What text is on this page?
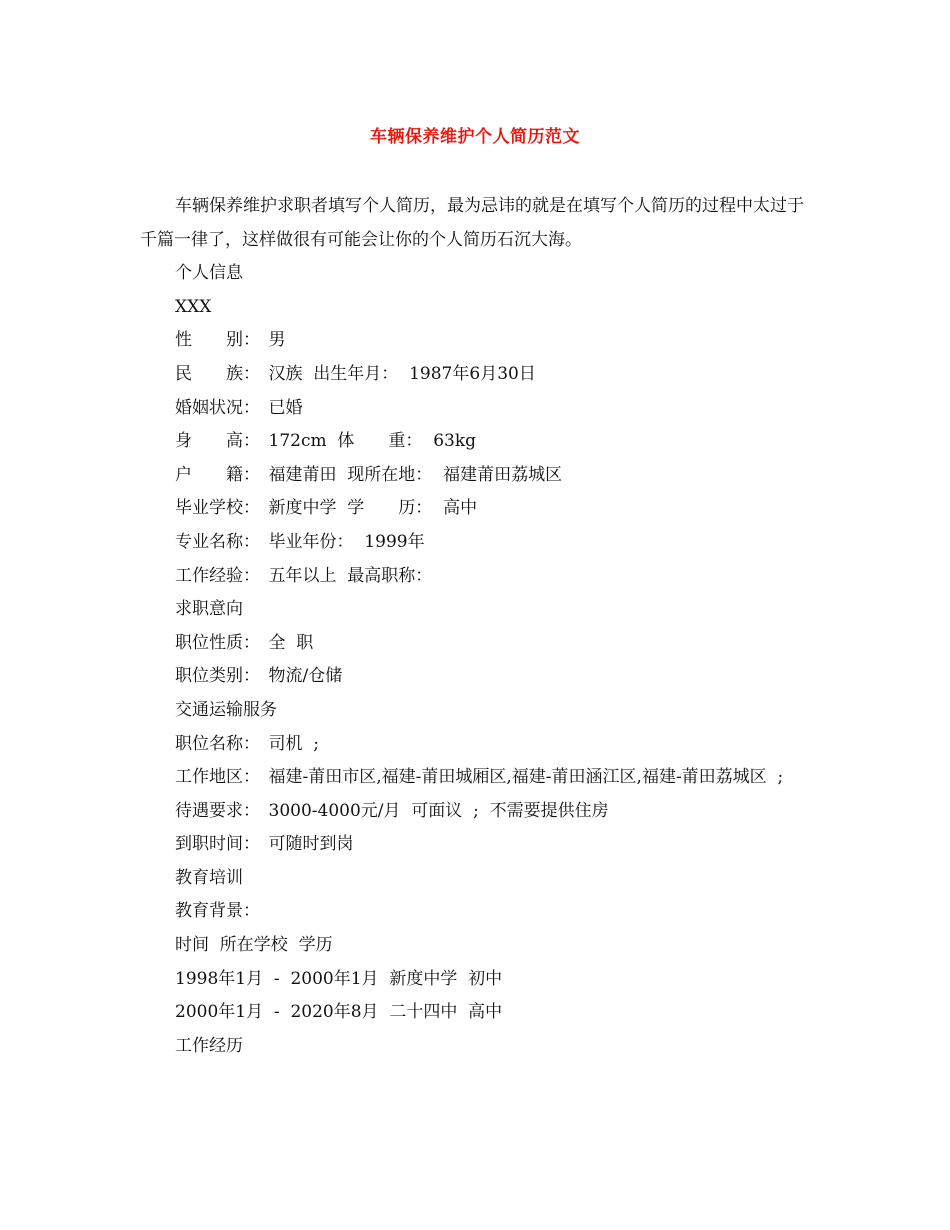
车辆保养维护个人简历范文

车辆保养维护求职者填写个人简历，最为忌讳的就是在填写个人简历的过程中太过于千篇一律了，这样做很有可能会让你的个人简历石沉大海。

个人信息

XXX

性　　别：　男

民　　族：　汉族  出生年月：  1987年6月30日

婚姻状况：　已婚

身　　高：　172cm  体　　重：  63kg

户　　籍：　福建莆田  现所在地：  福建莆田荔城区

毕业学校：　新度中学  学　　历：  高中

专业名称：　毕业年份：  1999年

工作经验：　五年以上  最高职称：

求职意向

职位性质：　全  职

职位类别：　物流/仓储

交通运输服务

职位名称：　司机  ;

工作地区：　福建-莆田市区,福建-莆田城厢区,福建-莆田涵江区,福建-莆田荔城区  ;

待遇要求：　3000-4000元/月  可面议  ;  不需要提供住房

到职时间：　可随时到岗

教育培训

教育背景：

时间  所在学校  学历

1998年1月  -  2000年1月  新度中学  初中

2000年1月  -  2020年8月  二十四中  高中

工作经历
